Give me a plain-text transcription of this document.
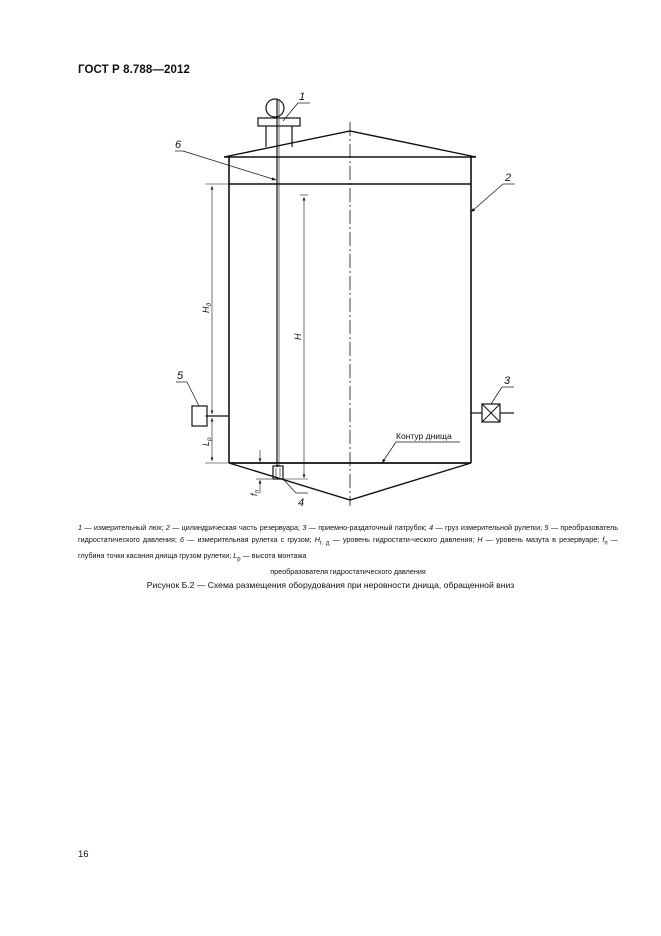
ГОСТ Р 8.788—2012
1
6
2
5	3
4
$H_д$
H
$L_p$
$f_п$
Контур днища
1 — измерительный люк; 2 — цилиндрическая часть резервуара; 3 — приемно-раздаточный патрубок; 4 — груз измерительной рулетки; 5 — преобразователь гидростатического давления; 6 — измерительная рулетка с грузом; $H_{г. д}$ — уровень гидростати-ческого давления; H — уровень мазута в резервуаре; $f_п$ — глубина точки касания днища грузом рулетки; $L_p$ — высота монтажа
преобразователя гидростатического давления
Рисунок Б.2 — Схема размещения оборудования при неровности днища, обращенной вниз
16
